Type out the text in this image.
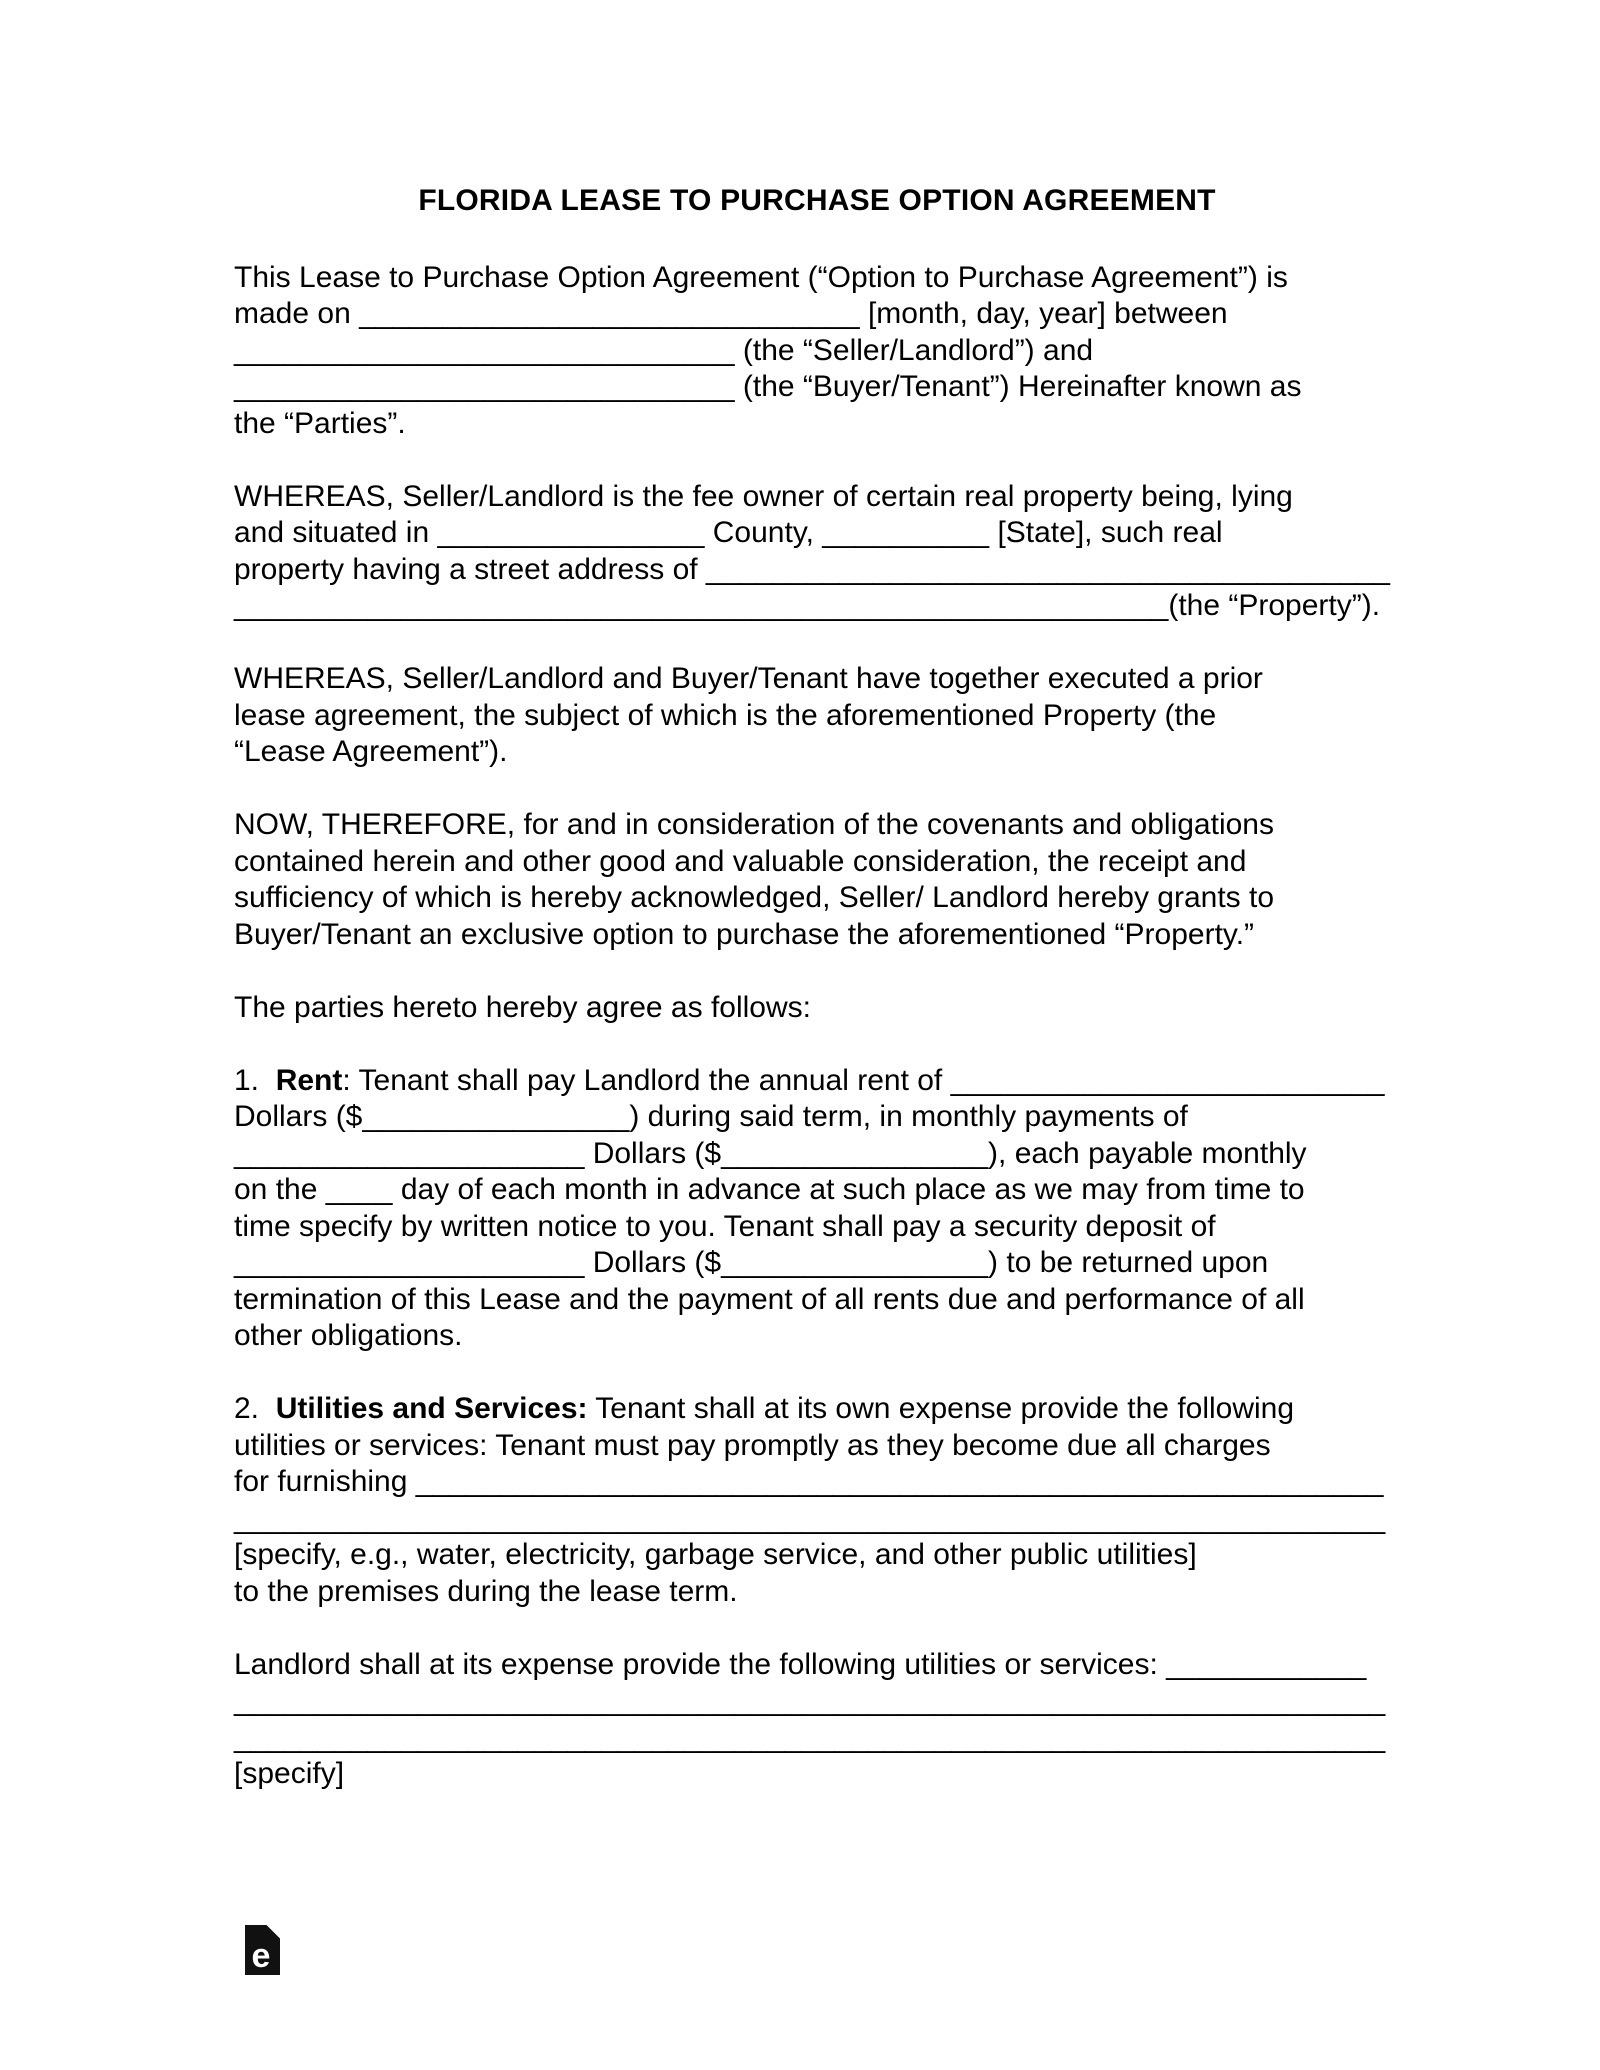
FLORIDA LEASE TO PURCHASE OPTION AGREEMENT
This Lease to Purchase Option Agreement (“Option to Purchase Agreement”) is
made on ______________________________ [month, day, year] between
______________________________ (the “Seller/Landlord”) and
______________________________ (the “Buyer/Tenant”) Hereinafter known as
the “Parties”.
WHEREAS, Seller/Landlord is the fee owner of certain real property being, lying
and situated in ________________ County, __________ [State], such real
property having a street address of _________________________________________
________________________________________________________(the “Property”).
WHEREAS, Seller/Landlord and Buyer/Tenant have together executed a prior
lease agreement, the subject of which is the aforementioned Property (the
“Lease Agreement”).
NOW, THEREFORE, for and in consideration of the covenants and obligations
contained herein and other good and valuable consideration, the receipt and
sufficiency of which is hereby acknowledged, Seller/ Landlord hereby grants to
Buyer/Tenant an exclusive option to purchase the aforementioned “Property.”
The parties hereto hereby agree as follows:
1.  Rent: Tenant shall pay Landlord the annual rent of __________________________
Dollars ($________________) during said term, in monthly payments of
_____________________ Dollars ($________________), each payable monthly
on the ____ day of each month in advance at such place as we may from time to
time specify by written notice to you. Tenant shall pay a security deposit of
_____________________ Dollars ($________________) to be returned upon
termination of this Lease and the payment of all rents due and performance of all
other obligations.
2.  Utilities and Services: Tenant shall at its own expense provide the following
utilities or services: Tenant must pay promptly as they become due all charges
for furnishing __________________________________________________________
_____________________________________________________________________
[specify, e.g., water, electricity, garbage service, and other public utilities]
to the premises during the lease term.
Landlord shall at its expense provide the following utilities or services: ____________
_____________________________________________________________________
_____________________________________________________________________
[specify]
e
